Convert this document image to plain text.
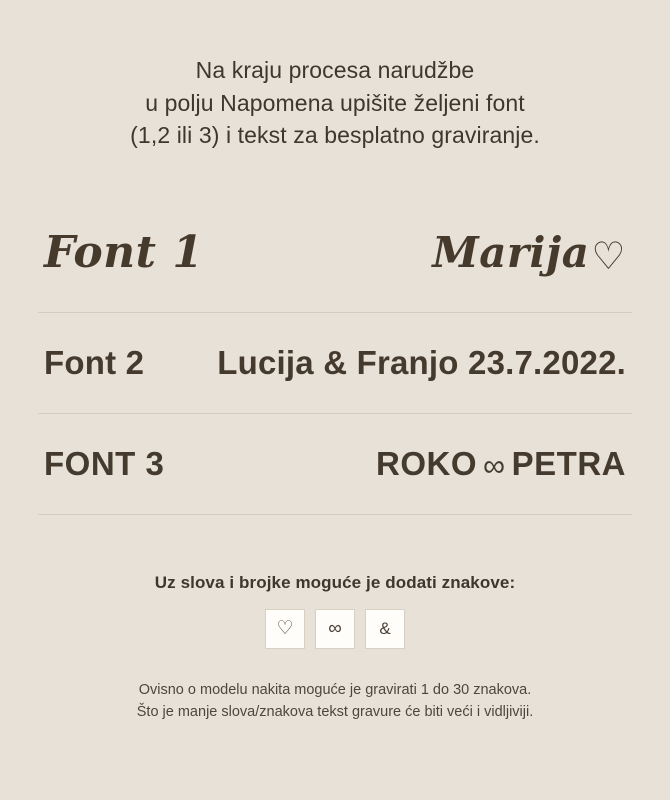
Na kraju procesa narudžbe
u polju Napomena upišite željeni font
(1,2 ili 3) i tekst za besplatno graviranje.
Font 1	Marija♡
Font 2 Lucija & Franjo 23.7.2022.
FONT 3	ROKO ∞ PETRA
Uz slova i brojke moguće je dodati znakove:
♡ ∞ &
Ovisno o modelu nakita moguće je gravirati 1 do 30 znakova.
Što je manje slova/znakova tekst gravure će biti veći i vidljiviji.
